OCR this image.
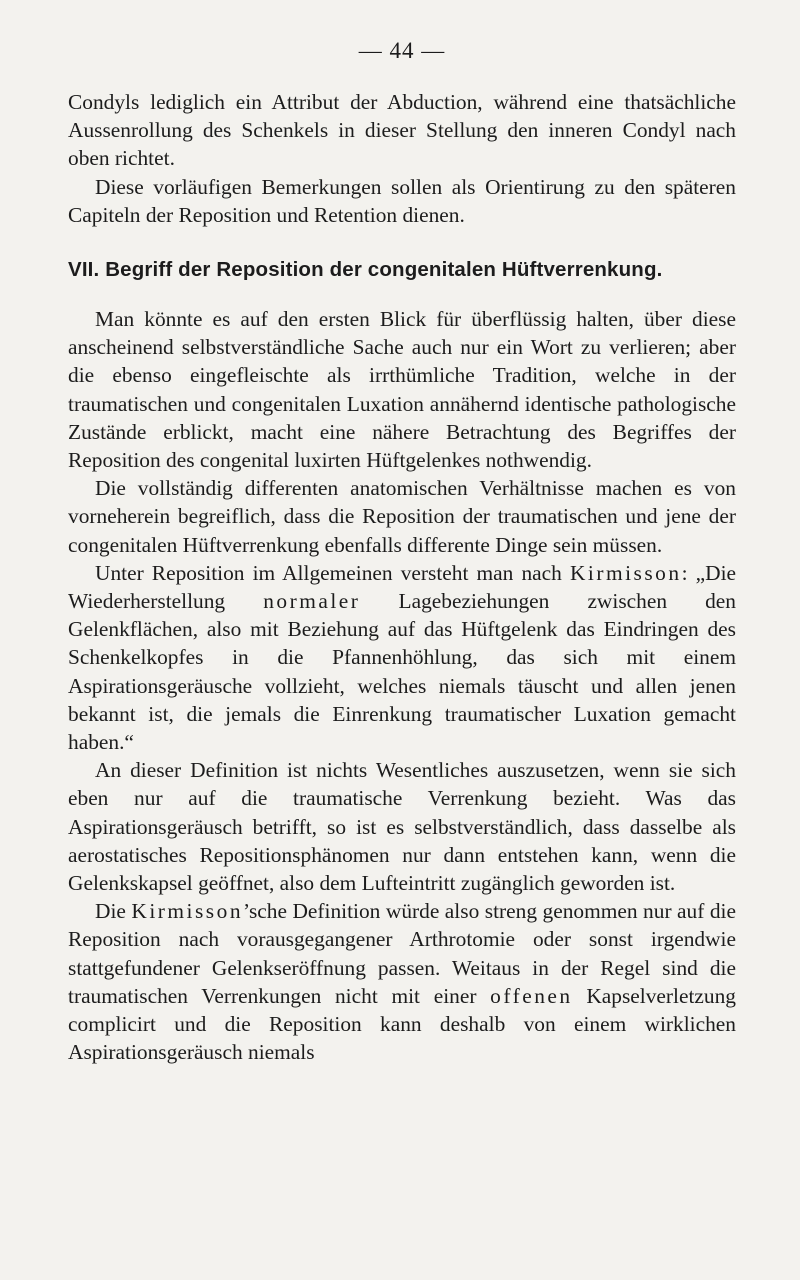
— 44 —

Condyls lediglich ein Attribut der Abduction, während eine thatsächliche Aussenrollung des Schenkels in dieser Stellung den inneren Condyl nach oben richtet.

Diese vorläufigen Bemerkungen sollen als Orientirung zu den späteren Capiteln der Reposition und Retention dienen.

VII. Begriff der Reposition der congenitalen Hüftverrenkung.

Man könnte es auf den ersten Blick für überflüssig halten, über diese anscheinend selbstverständliche Sache auch nur ein Wort zu verlieren; aber die ebenso eingefleischte als irrthümliche Tradition, welche in der traumatischen und congenitalen Luxation annähernd identische pathologische Zustände erblickt, macht eine nähere Betrachtung des Begriffes der Reposition des congenital luxirten Hüftgelenkes nothwendig.

Die vollständig differenten anatomischen Verhältnisse machen es von vorneherein begreiflich, dass die Reposition der traumatischen und jene der congenitalen Hüftverrenkung ebenfalls differente Dinge sein müssen.

Unter Reposition im Allgemeinen versteht man nach Kirmisson: „Die Wiederherstellung normaler Lagebeziehungen zwischen den Gelenkflächen, also mit Beziehung auf das Hüftgelenk das Eindringen des Schenkelkopfes in die Pfannenhöhlung, das sich mit einem Aspirationsgeräusche vollzieht, welches niemals täuscht und allen jenen bekannt ist, die jemals die Einrenkung traumatischer Luxation gemacht haben.“

An dieser Definition ist nichts Wesentliches auszusetzen, wenn sie sich eben nur auf die traumatische Verrenkung bezieht. Was das Aspirationsgeräusch betrifft, so ist es selbstverständlich, dass dasselbe als aerostatisches Repositionsphänomen nur dann entstehen kann, wenn die Gelenkskapsel geöffnet, also dem Lufteintritt zugänglich geworden ist.

Die Kirmisson’sche Definition würde also streng genommen nur auf die Reposition nach vorausgegangener Arthrotomie oder sonst irgendwie stattgefundener Gelenkseröffnung passen. Weitaus in der Regel sind die traumatischen Verrenkungen nicht mit einer offenen Kapselverletzung complicirt und die Reposition kann deshalb von einem wirklichen Aspirationsgeräusch niemals
